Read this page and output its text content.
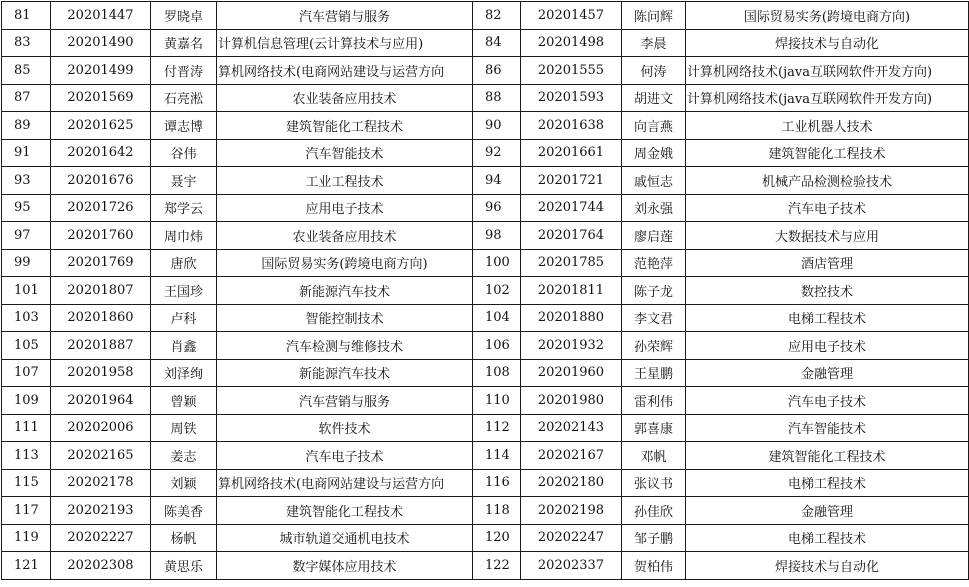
81	20201447	罗晓卓	汽车营销与服务	82	20201457	陈问辉	国际贸易实务(跨境电商方向)
83	20201490	黄嘉名	计算机信息管理(云计算技术与应用)	84	20201498	李晨	焊接技术与自动化
85	20201499	付晋涛	算机网络技术(电商网站建设与运营方向	86	20201555	何涛	计算机网络技术(java互联网软件开发方向)
87	20201569	石亮淞	农业装备应用技术	88	20201593	胡进文	计算机网络技术(java互联网软件开发方向)
89	20201625	谭志博	建筑智能化工程技术	90	20201638	向言燕	工业机器人技术
91	20201642	谷伟	汽车智能技术	92	20201661	周金娥	建筑智能化工程技术
93	20201676	聂宇	工业工程技术	94	20201721	戚恒志	机械产品检测检验技术
95	20201726	郑学云	应用电子技术	96	20201744	刘永强	汽车电子技术
97	20201760	周巾炜	农业装备应用技术	98	20201764	廖启莲	大数据技术与应用
99	20201769	唐欣	国际贸易实务(跨境电商方向)	100	20201785	范艳萍	酒店管理
101	20201807	王国珍	新能源汽车技术	102	20201811	陈子龙	数控技术
103	20201860	卢科	智能控制技术	104	20201880	李文君	电梯工程技术
105	20201887	肖鑫	汽车检测与维修技术	106	20201932	孙荣辉	应用电子技术
107	20201958	刘泽绚	新能源汽车技术	108	20201960	王星鹏	金融管理
109	20201964	曾颖	汽车营销与服务	110	20201980	雷利伟	汽车电子技术
111	20202006	周铁	软件技术	112	20202143	郭喜康	汽车智能技术
113	20202165	姜志	汽车电子技术	114	20202167	邓帆	建筑智能化工程技术
115	20202178	刘颖	算机网络技术(电商网站建设与运营方向	116	20202180	张议书	电梯工程技术
117	20202193	陈美香	建筑智能化工程技术	118	20202198	孙佳欣	金融管理
119	20202227	杨帆	城市轨道交通机电技术	120	20202247	邹子鹏	电梯工程技术
121	20202308	黄思乐	数字媒体应用技术	122	20202337	贺柏伟	焊接技术与自动化
